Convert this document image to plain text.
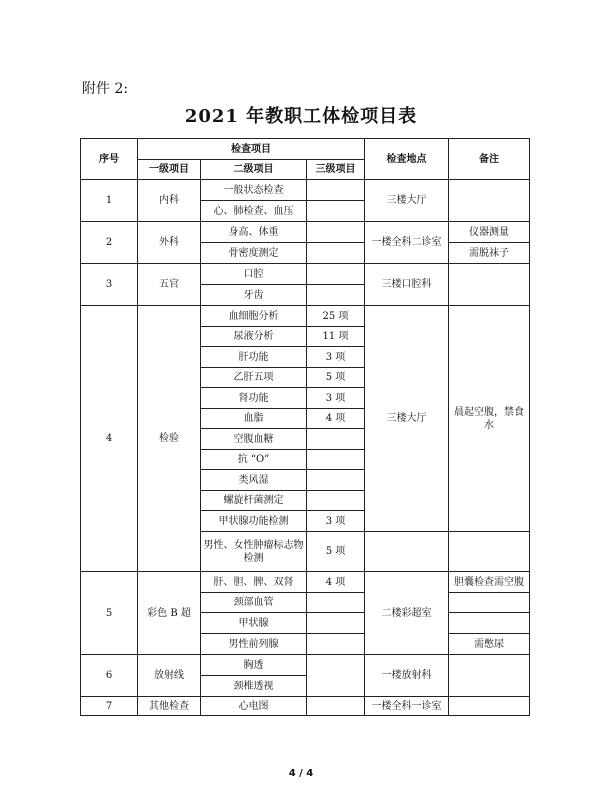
附件 2:
2021 年教职工体检项目表
序号	检查项目			检查地点	备注
	一级项目	二级项目	三级项目		
1	内科	一般状态检查		三楼大厅	
		心、肺检查、血压			
2	外科	身高、体重		一楼全科二诊室	仪器测量
		骨密度测定			需脱袜子
3	五官	口腔		三楼口腔科	
		牙齿			
4	检验	血细胞分析	25 项	三楼大厅	晨起空腹，禁食水
		尿液分析	11 项		
		肝功能	3 项		
		乙肝五项	5 项		
		肾功能	3 项		
		血脂	4 项		
		空腹血糖			
		抗 “O”			
		类风湿			
		螺旋杆菌测定			
		甲状腺功能检测	3 项		
		男性、女性肿瘤标志物检测	5 项		
5	彩色 B 超	肝、胆、脾、双肾	4 项	二楼彩超室	胆囊检查需空腹
		颈部血管			
		甲状腺			
		男性前列腺			需憋尿
6	放射线	胸透		一楼放射科	
		颈椎透视			
7	其他检查	心电图		一楼全科一诊室	
4 / 4
